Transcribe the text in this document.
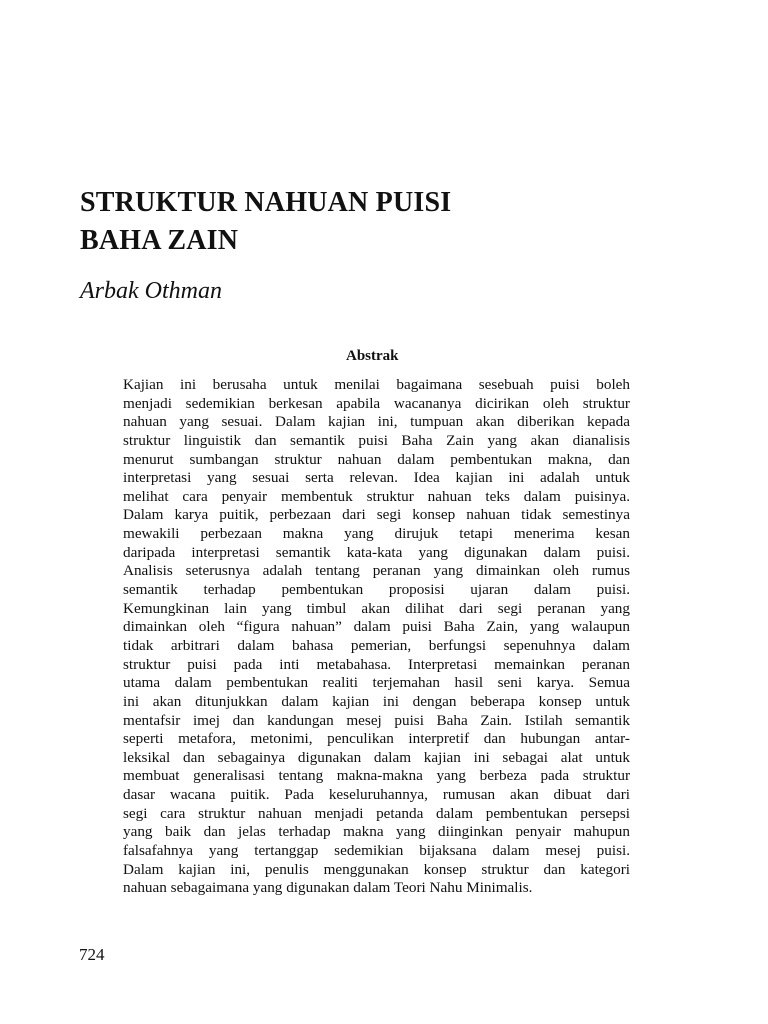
STRUKTUR NAHUAN PUISI
BAHA ZAIN
Arbak Othman
Abstrak
Kajian ini berusaha untuk menilai bagaimana sesebuah puisi boleh
menjadi sedemikian berkesan apabila wacananya dicirikan oleh struktur
nahuan yang sesuai. Dalam kajian ini, tumpuan akan diberikan kepada
struktur linguistik dan semantik puisi Baha Zain yang akan dianalisis
menurut sumbangan struktur nahuan dalam pembentukan makna, dan
interpretasi yang sesuai serta relevan. Idea kajian ini adalah untuk
melihat cara penyair membentuk struktur nahuan teks dalam puisinya.
Dalam karya puitik, perbezaan dari segi konsep nahuan tidak semestinya
mewakili perbezaan makna yang dirujuk tetapi menerima kesan
daripada interpretasi semantik kata-kata yang digunakan dalam puisi.
Analisis seterusnya adalah tentang peranan yang dimainkan oleh rumus
semantik terhadap pembentukan proposisi ujaran dalam puisi.
Kemungkinan lain yang timbul akan dilihat dari segi peranan yang
dimainkan oleh “figura nahuan” dalam puisi Baha Zain, yang walaupun
tidak arbitrari dalam bahasa pemerian, berfungsi sepenuhnya dalam
struktur puisi pada inti metabahasa. Interpretasi memainkan peranan
utama dalam pembentukan realiti terjemahan hasil seni karya. Semua
ini akan ditunjukkan dalam kajian ini dengan beberapa konsep untuk
mentafsir imej dan kandungan mesej puisi Baha Zain. Istilah semantik
seperti metafora, metonimi, penculikan interpretif dan hubungan antar-
leksikal dan sebagainya digunakan dalam kajian ini sebagai alat untuk
membuat generalisasi tentang makna-makna yang berbeza pada struktur
dasar wacana puitik. Pada keseluruhannya, rumusan akan dibuat dari
segi cara struktur nahuan menjadi petanda dalam pembentukan persepsi
yang baik dan jelas terhadap makna yang diinginkan penyair mahupun
falsafahnya yang tertanggap sedemikian bijaksana dalam mesej puisi.
Dalam kajian ini, penulis menggunakan konsep struktur dan kategori
nahuan sebagaimana yang digunakan dalam Teori Nahu Minimalis.
724
